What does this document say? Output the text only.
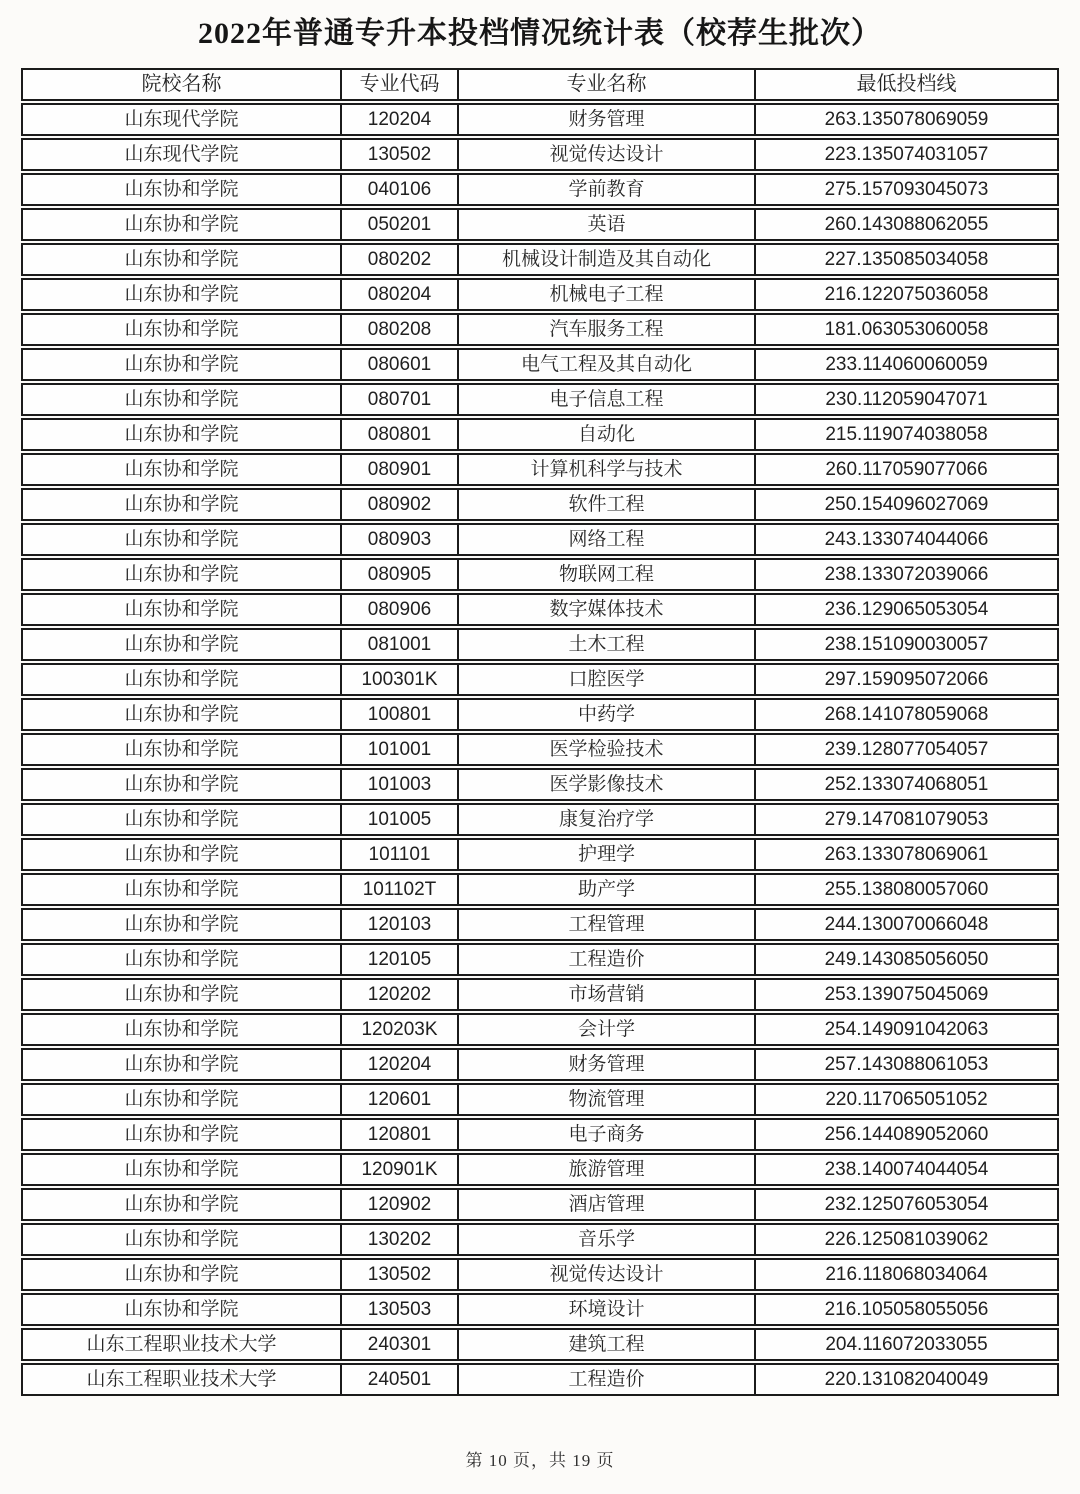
2022年普通专升本投档情况统计表（校荐生批次）
院校名称	专业代码	专业名称	最低投档线
山东现代学院	120204	财务管理	263.135078069059
山东现代学院	130502	视觉传达设计	223.135074031057
山东协和学院	040106	学前教育	275.157093045073
山东协和学院	050201	英语	260.143088062055
山东协和学院	080202	机械设计制造及其自动化	227.135085034058
山东协和学院	080204	机械电子工程	216.122075036058
山东协和学院	080208	汽车服务工程	181.063053060058
山东协和学院	080601	电气工程及其自动化	233.114060060059
山东协和学院	080701	电子信息工程	230.112059047071
山东协和学院	080801	自动化	215.119074038058
山东协和学院	080901	计算机科学与技术	260.117059077066
山东协和学院	080902	软件工程	250.154096027069
山东协和学院	080903	网络工程	243.133074044066
山东协和学院	080905	物联网工程	238.133072039066
山东协和学院	080906	数字媒体技术	236.129065053054
山东协和学院	081001	土木工程	238.151090030057
山东协和学院	100301K	口腔医学	297.159095072066
山东协和学院	100801	中药学	268.141078059068
山东协和学院	101001	医学检验技术	239.128077054057
山东协和学院	101003	医学影像技术	252.133074068051
山东协和学院	101005	康复治疗学	279.147081079053
山东协和学院	101101	护理学	263.133078069061
山东协和学院	101102T	助产学	255.138080057060
山东协和学院	120103	工程管理	244.130070066048
山东协和学院	120105	工程造价	249.143085056050
山东协和学院	120202	市场营销	253.139075045069
山东协和学院	120203K	会计学	254.149091042063
山东协和学院	120204	财务管理	257.143088061053
山东协和学院	120601	物流管理	220.117065051052
山东协和学院	120801	电子商务	256.144089052060
山东协和学院	120901K	旅游管理	238.140074044054
山东协和学院	120902	酒店管理	232.125076053054
山东协和学院	130202	音乐学	226.125081039062
山东协和学院	130502	视觉传达设计	216.118068034064
山东协和学院	130503	环境设计	216.105058055056
山东工程职业技术大学	240301	建筑工程	204.116072033055
山东工程职业技术大学	240501	工程造价	220.131082040049
第 10 页，共 19 页
